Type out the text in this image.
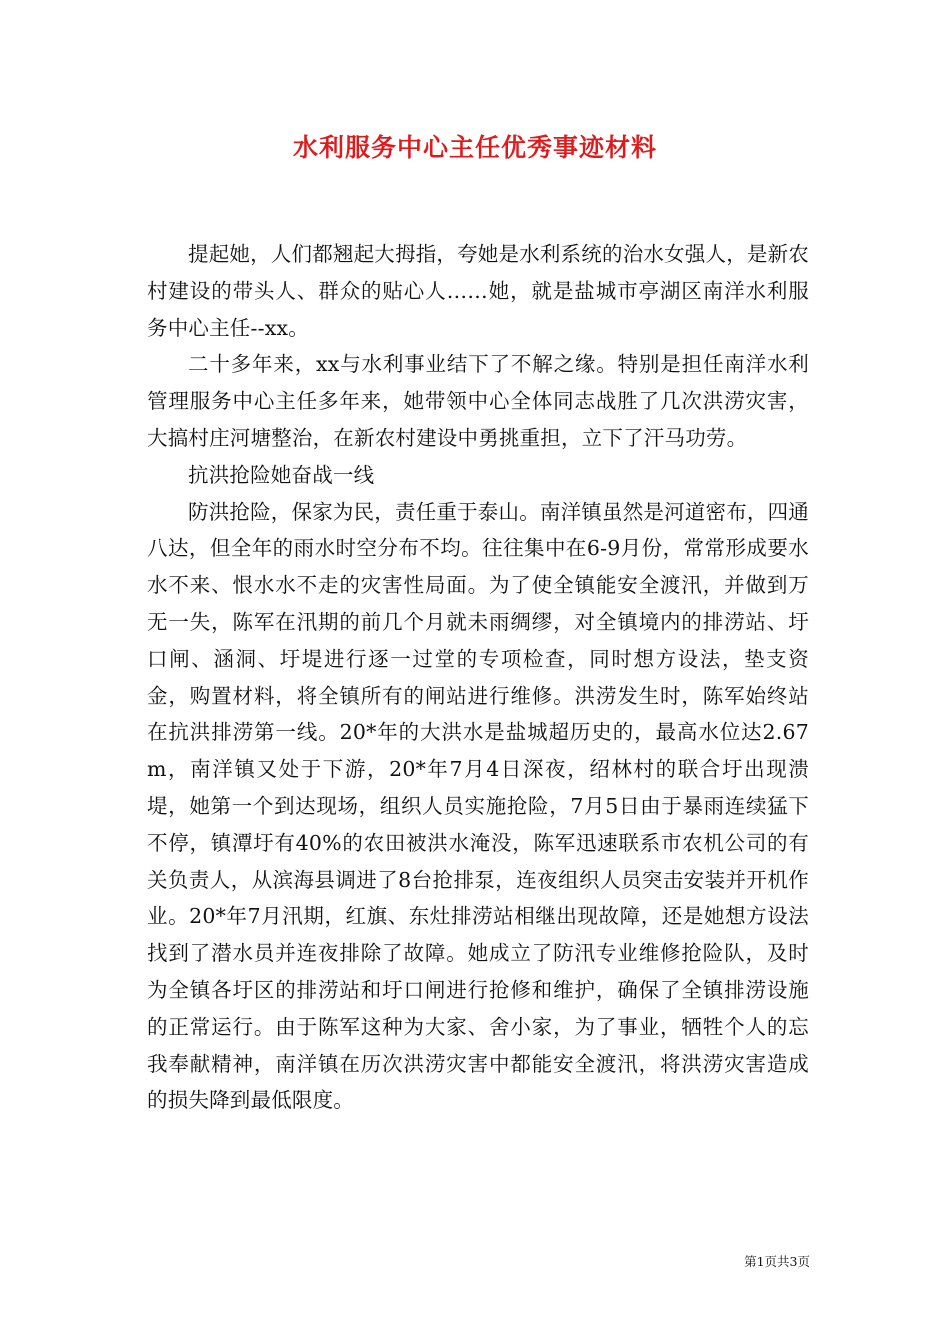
水利服务中心主任优秀事迹材料

提起她，人们都翘起大拇指，夸她是水利系统的治水女强人，是新农村建设的带头人、群众的贴心人……她，就是盐城市亭湖区南洋水利服务中心主任--xx。

二十多年来，xx与水利事业结下了不解之缘。特别是担任南洋水利管理服务中心主任多年来，她带领中心全体同志战胜了几次洪涝灾害，大搞村庄河塘整治，在新农村建设中勇挑重担，立下了汗马功劳。

抗洪抢险她奋战一线

防洪抢险，保家为民，责任重于泰山。南洋镇虽然是河道密布，四通八达，但全年的雨水时空分布不均。往往集中在6-9月份，常常形成要水水不来、恨水水不走的灾害性局面。为了使全镇能安全渡汛，并做到万无一失，陈军在汛期的前几个月就未雨绸缪，对全镇境内的排涝站、圩口闸、涵洞、圩堤进行逐一过堂的专项检查，同时想方设法，垫支资金，购置材料，将全镇所有的闸站进行维修。洪涝发生时，陈军始终站在抗洪排涝第一线。20*年的大洪水是盐城超历史的，最高水位达2.67m，南洋镇又处于下游，20*年7月4日深夜，绍林村的联合圩出现溃堤，她第一个到达现场，组织人员实施抢险，7月5日由于暴雨连续猛下不停，镇潭圩有40%的农田被洪水淹没，陈军迅速联系市农机公司的有关负责人，从滨海县调进了8台抢排泵，连夜组织人员突击安装并开机作业。20*年7月汛期，红旗、东灶排涝站相继出现故障，还是她想方设法找到了潜水员并连夜排除了故障。她成立了防汛专业维修抢险队，及时为全镇各圩区的排涝站和圩口闸进行抢修和维护，确保了全镇排涝设施的正常运行。由于陈军这种为大家、舍小家，为了事业，牺牲个人的忘我奉献精神，南洋镇在历次洪涝灾害中都能安全渡汛，将洪涝灾害造成的损失降到最低限度。

第1页共3页
